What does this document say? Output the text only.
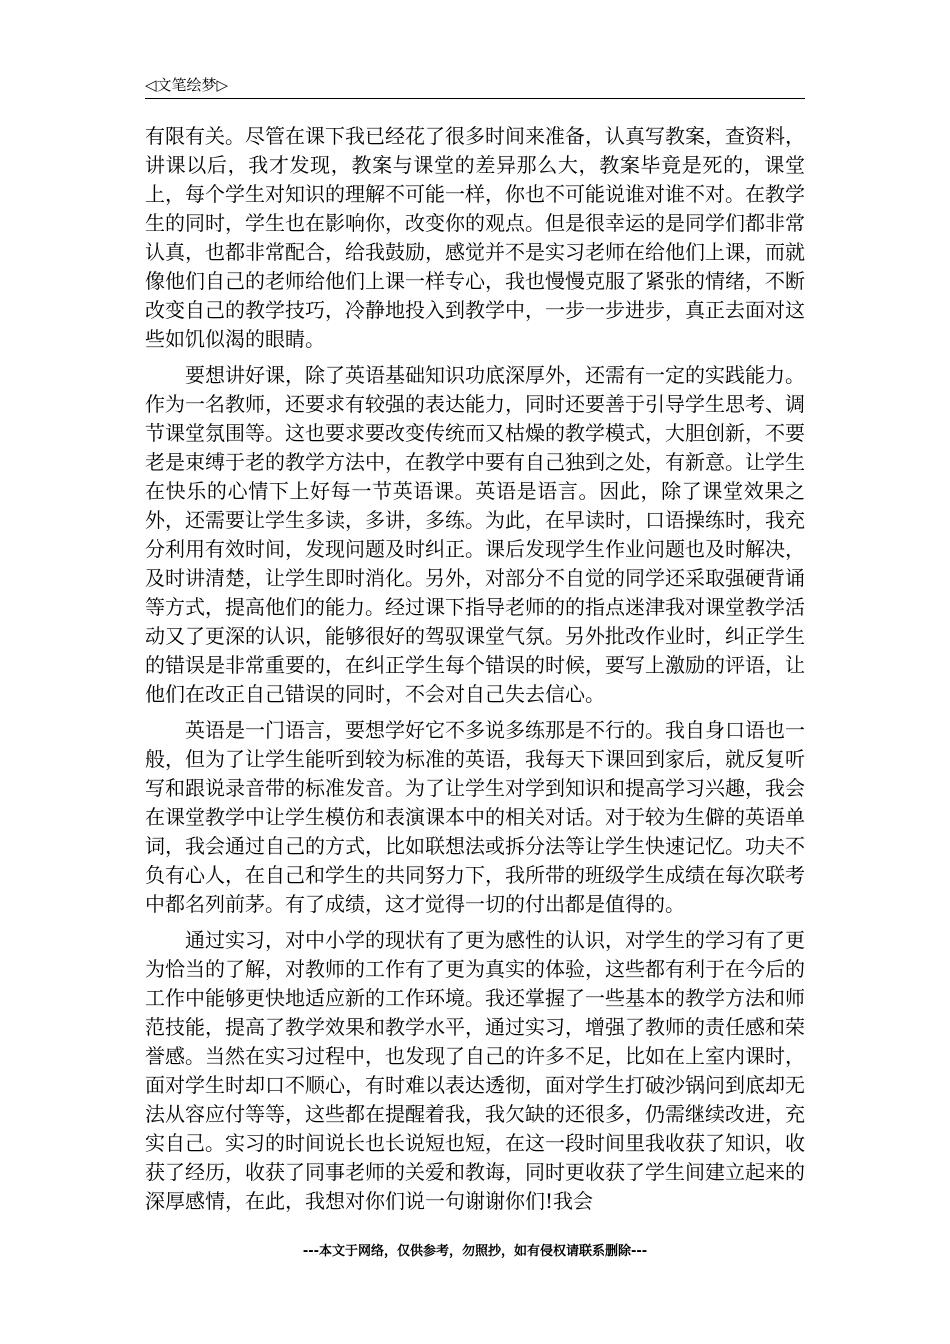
◁文笔绘梦▷

有限有关。尽管在课下我已经花了很多时间来准备，认真写教案，查资料，讲课以后，我才发现，教案与课堂的差异那么大，教案毕竟是死的，课堂上，每个学生对知识的理解不可能一样，你也不可能说谁对谁不对。在教学生的同时，学生也在影响你，改变你的观点。但是很幸运的是同学们都非常认真，也都非常配合，给我鼓励，感觉并不是实习老师在给他们上课，而就像他们自己的老师给他们上课一样专心，我也慢慢克服了紧张的情绪，不断改变自己的教学技巧，冷静地投入到教学中，一步一步进步，真正去面对这些如饥似渴的眼睛。

要想讲好课，除了英语基础知识功底深厚外，还需有一定的实践能力。作为一名教师，还要求有较强的表达能力，同时还要善于引导学生思考、调节课堂氛围等。这也要求要改变传统而又枯燥的教学模式，大胆创新，不要老是束缚于老的教学方法中，在教学中要有自己独到之处，有新意。让学生在快乐的心情下上好每一节英语课。英语是语言。因此，除了课堂效果之外，还需要让学生多读，多讲，多练。为此，在早读时，口语操练时，我充分利用有效时间，发现问题及时纠正。课后发现学生作业问题也及时解决，及时讲清楚，让学生即时消化。另外，对部分不自觉的同学还采取强硬背诵等方式，提高他们的能力。经过课下指导老师的的指点迷津我对课堂教学活动又了更深的认识，能够很好的驾驭课堂气氛。另外批改作业时，纠正学生的错误是非常重要的，在纠正学生每个错误的时候，要写上激励的评语，让他们在改正自己错误的同时，不会对自己失去信心。

英语是一门语言，要想学好它不多说多练那是不行的。我自身口语也一般，但为了让学生能听到较为标准的英语，我每天下课回到家后，就反复听写和跟说录音带的标准发音。为了让学生对学到知识和提高学习兴趣，我会在课堂教学中让学生模仿和表演课本中的相关对话。对于较为生僻的英语单词，我会通过自己的方式，比如联想法或拆分法等让学生快速记忆。功夫不负有心人，在自己和学生的共同努力下，我所带的班级学生成绩在每次联考中都名列前茅。有了成绩，这才觉得一切的付出都是值得的。

通过实习，对中小学的现状有了更为感性的认识，对学生的学习有了更为恰当的了解，对教师的工作有了更为真实的体验，这些都有利于在今后的工作中能够更快地适应新的工作环境。我还掌握了一些基本的教学方法和师范技能，提高了教学效果和教学水平，通过实习，增强了教师的责任感和荣誉感。当然在实习过程中，也发现了自己的许多不足，比如在上室内课时，面对学生时却口不顺心，有时难以表达透彻，面对学生打破沙锅问到底却无法从容应付等等，这些都在提醒着我，我欠缺的还很多，仍需继续改进，充实自己。实习的时间说长也长说短也短，在这一段时间里我收获了知识，收获了经历，收获了同事老师的关爱和教诲，同时更收获了学生间建立起来的深厚感情，在此，我想对你们说一句谢谢你们!我会

---本文于网络，仅供参考，勿照抄，如有侵权请联系删除---
